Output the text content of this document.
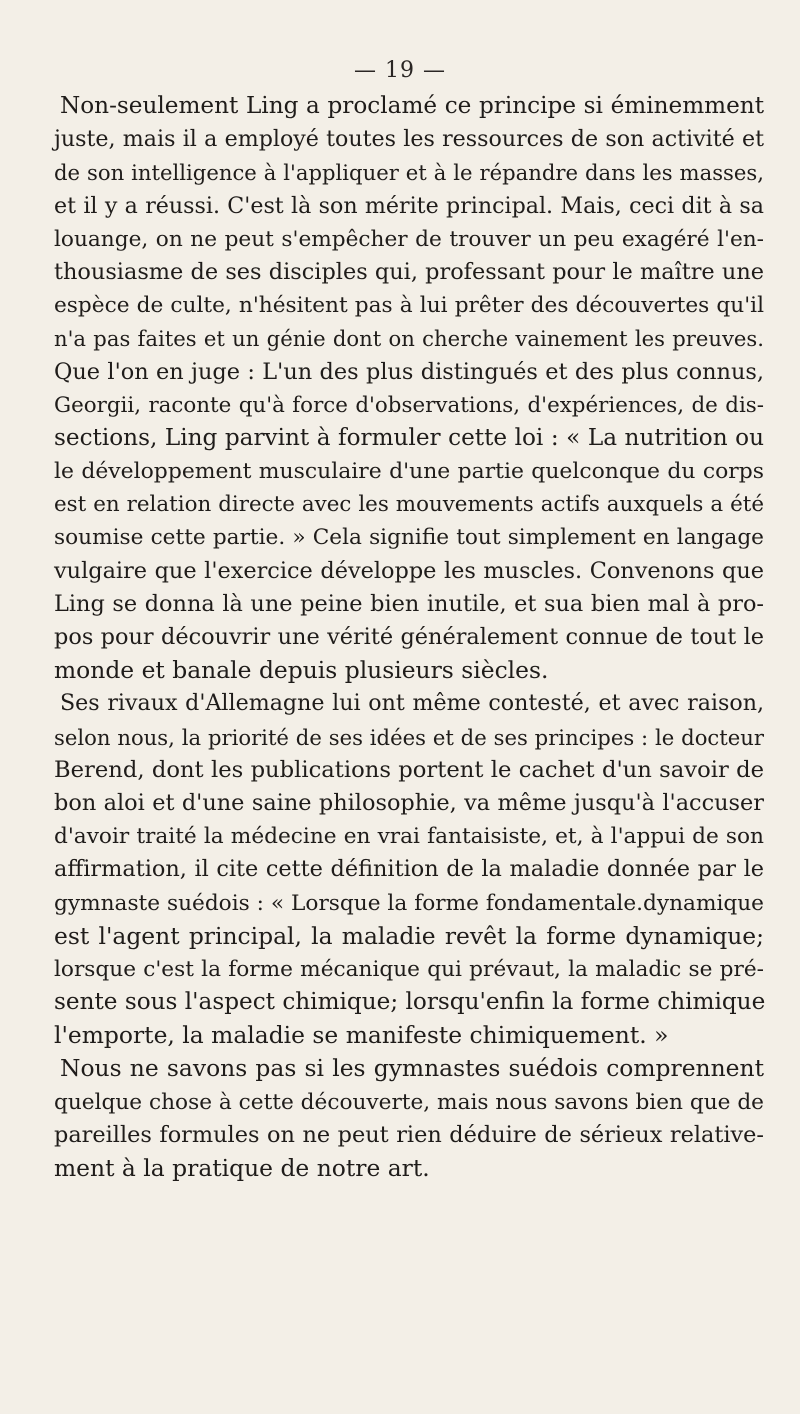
— 19 —
Non-seulement Ling a proclamé ce principe si éminemment
juste, mais il a employé toutes les ressources de son activité et
de son intelligence à l'appliquer et à le répandre dans les masses,
et il y a réussi. C'est là son mérite principal. Mais, ceci dit à sa
louange, on ne peut s'empêcher de trouver un peu exagéré l'en-
thousiasme de ses disciples qui, professant pour le maître une
espèce de culte, n'hésitent pas à lui prêter des découvertes qu'il
n'a pas faites et un génie dont on cherche vainement les preuves.
Que l'on en juge : L'un des plus distingués et des plus connus,
Georgii, raconte qu'à force d'observations, d'expériences, de dis-
sections, Ling parvint à formuler cette loi : « La nutrition ou
le développement musculaire d'une partie quelconque du corps
est en relation directe avec les mouvements actifs auxquels a été
soumise cette partie. » Cela signifie tout simplement en langage
vulgaire que l'exercice développe les muscles. Convenons que
Ling se donna là une peine bien inutile, et sua bien mal à pro-
pos pour découvrir une vérité généralement connue de tout le
monde et banale depuis plusieurs siècles.
Ses rivaux d'Allemagne lui ont même contesté, et avec raison,
selon nous, la priorité de ses idées et de ses principes : le docteur
Berend, dont les publications portent le cachet d'un savoir de
bon aloi et d'une saine philosophie, va même jusqu'à l'accuser
d'avoir traité la médecine en vrai fantaisiste, et, à l'appui de son
affirmation, il cite cette définition de la maladie donnée par le
gymnaste suédois : « Lorsque la forme fondamentale.dynamique
est l'agent principal, la maladie revêt la forme dynamique;
lorsque c'est la forme mécanique qui prévaut, la maladic se pré-
sente sous l'aspect chimique; lorsqu'enfin la forme chimique
l'emporte, la maladie se manifeste chimiquement. »
Nous ne savons pas si les gymnastes suédois comprennent
quelque chose à cette découverte, mais nous savons bien que de
pareilles formules on ne peut rien déduire de sérieux relative-
ment à la pratique de notre art.
